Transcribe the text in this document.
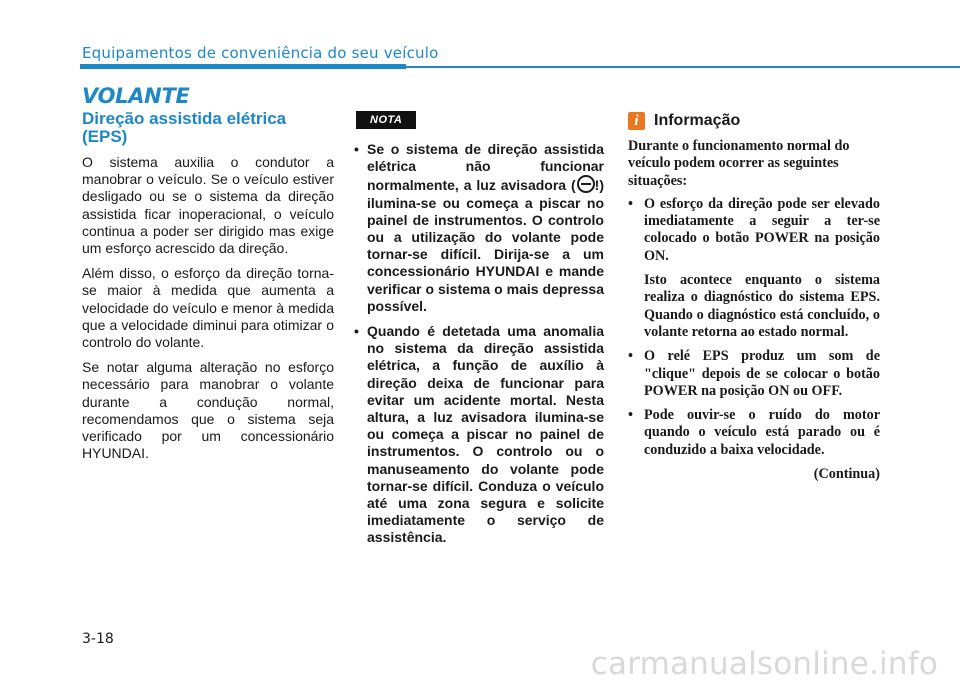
Equipamentos de conveniência do seu veículo
VOLANTE
Direção assistida elétrica (EPS)

O sistema auxilia o condutor a manobrar o veículo. Se o veículo estiver desligado ou se o sistema da direção assistida ficar inoperacional, o veículo continua a poder ser dirigido mas exige um esforço acrescido da direção.

Além disso, o esforço da direção torna-se maior à medida que aumenta a velocidade do veículo e menor à medida que a velocidade diminui para otimizar o controlo do volante.

Se notar alguma alteração no esforço necessário para manobrar o volante durante a condução normal, recomendamos que o sistema seja verificado por um concessionário HYUNDAI.

NOTA
• Se o sistema de direção assistida elétrica não funcionar normalmente, a luz avisadora ( !) ilumina-se ou começa a piscar no painel de instrumentos. O controlo ou a utilização do volante pode tornar-se difícil. Dirija-se a um concessionário HYUNDAI e mande verificar o sistema o mais depressa possível.
• Quando é detetada uma anomalia no sistema da direção assistida elétrica, a função de auxílio à direção deixa de funcionar para evitar um acidente mortal. Nesta altura, a luz avisadora ilumina-se ou começa a piscar no painel de instrumentos. O controlo ou o manuseamento do volante pode tornar-se difícil. Conduza o veículo até uma zona segura e solicite imediatamente o serviço de assistência.
i Informação

Durante o funcionamento normal do veículo podem ocorrer as seguintes situações:

• O esforço da direção pode ser elevado imediatamente a seguir a ter-se colocado o botão POWER na posição ON.

Isto acontece enquanto o sistema realiza o diagnóstico do sistema EPS. Quando o diagnóstico está concluído, o volante retorna ao estado normal.

• O relé EPS produz um som de "clique" depois de se colocar o botão POWER na posição ON ou OFF.

• Pode ouvir-se o ruído do motor quando o veículo está parado ou é conduzido a baixa velocidade.

(Continua)
3-18
carmanualsonline.info
